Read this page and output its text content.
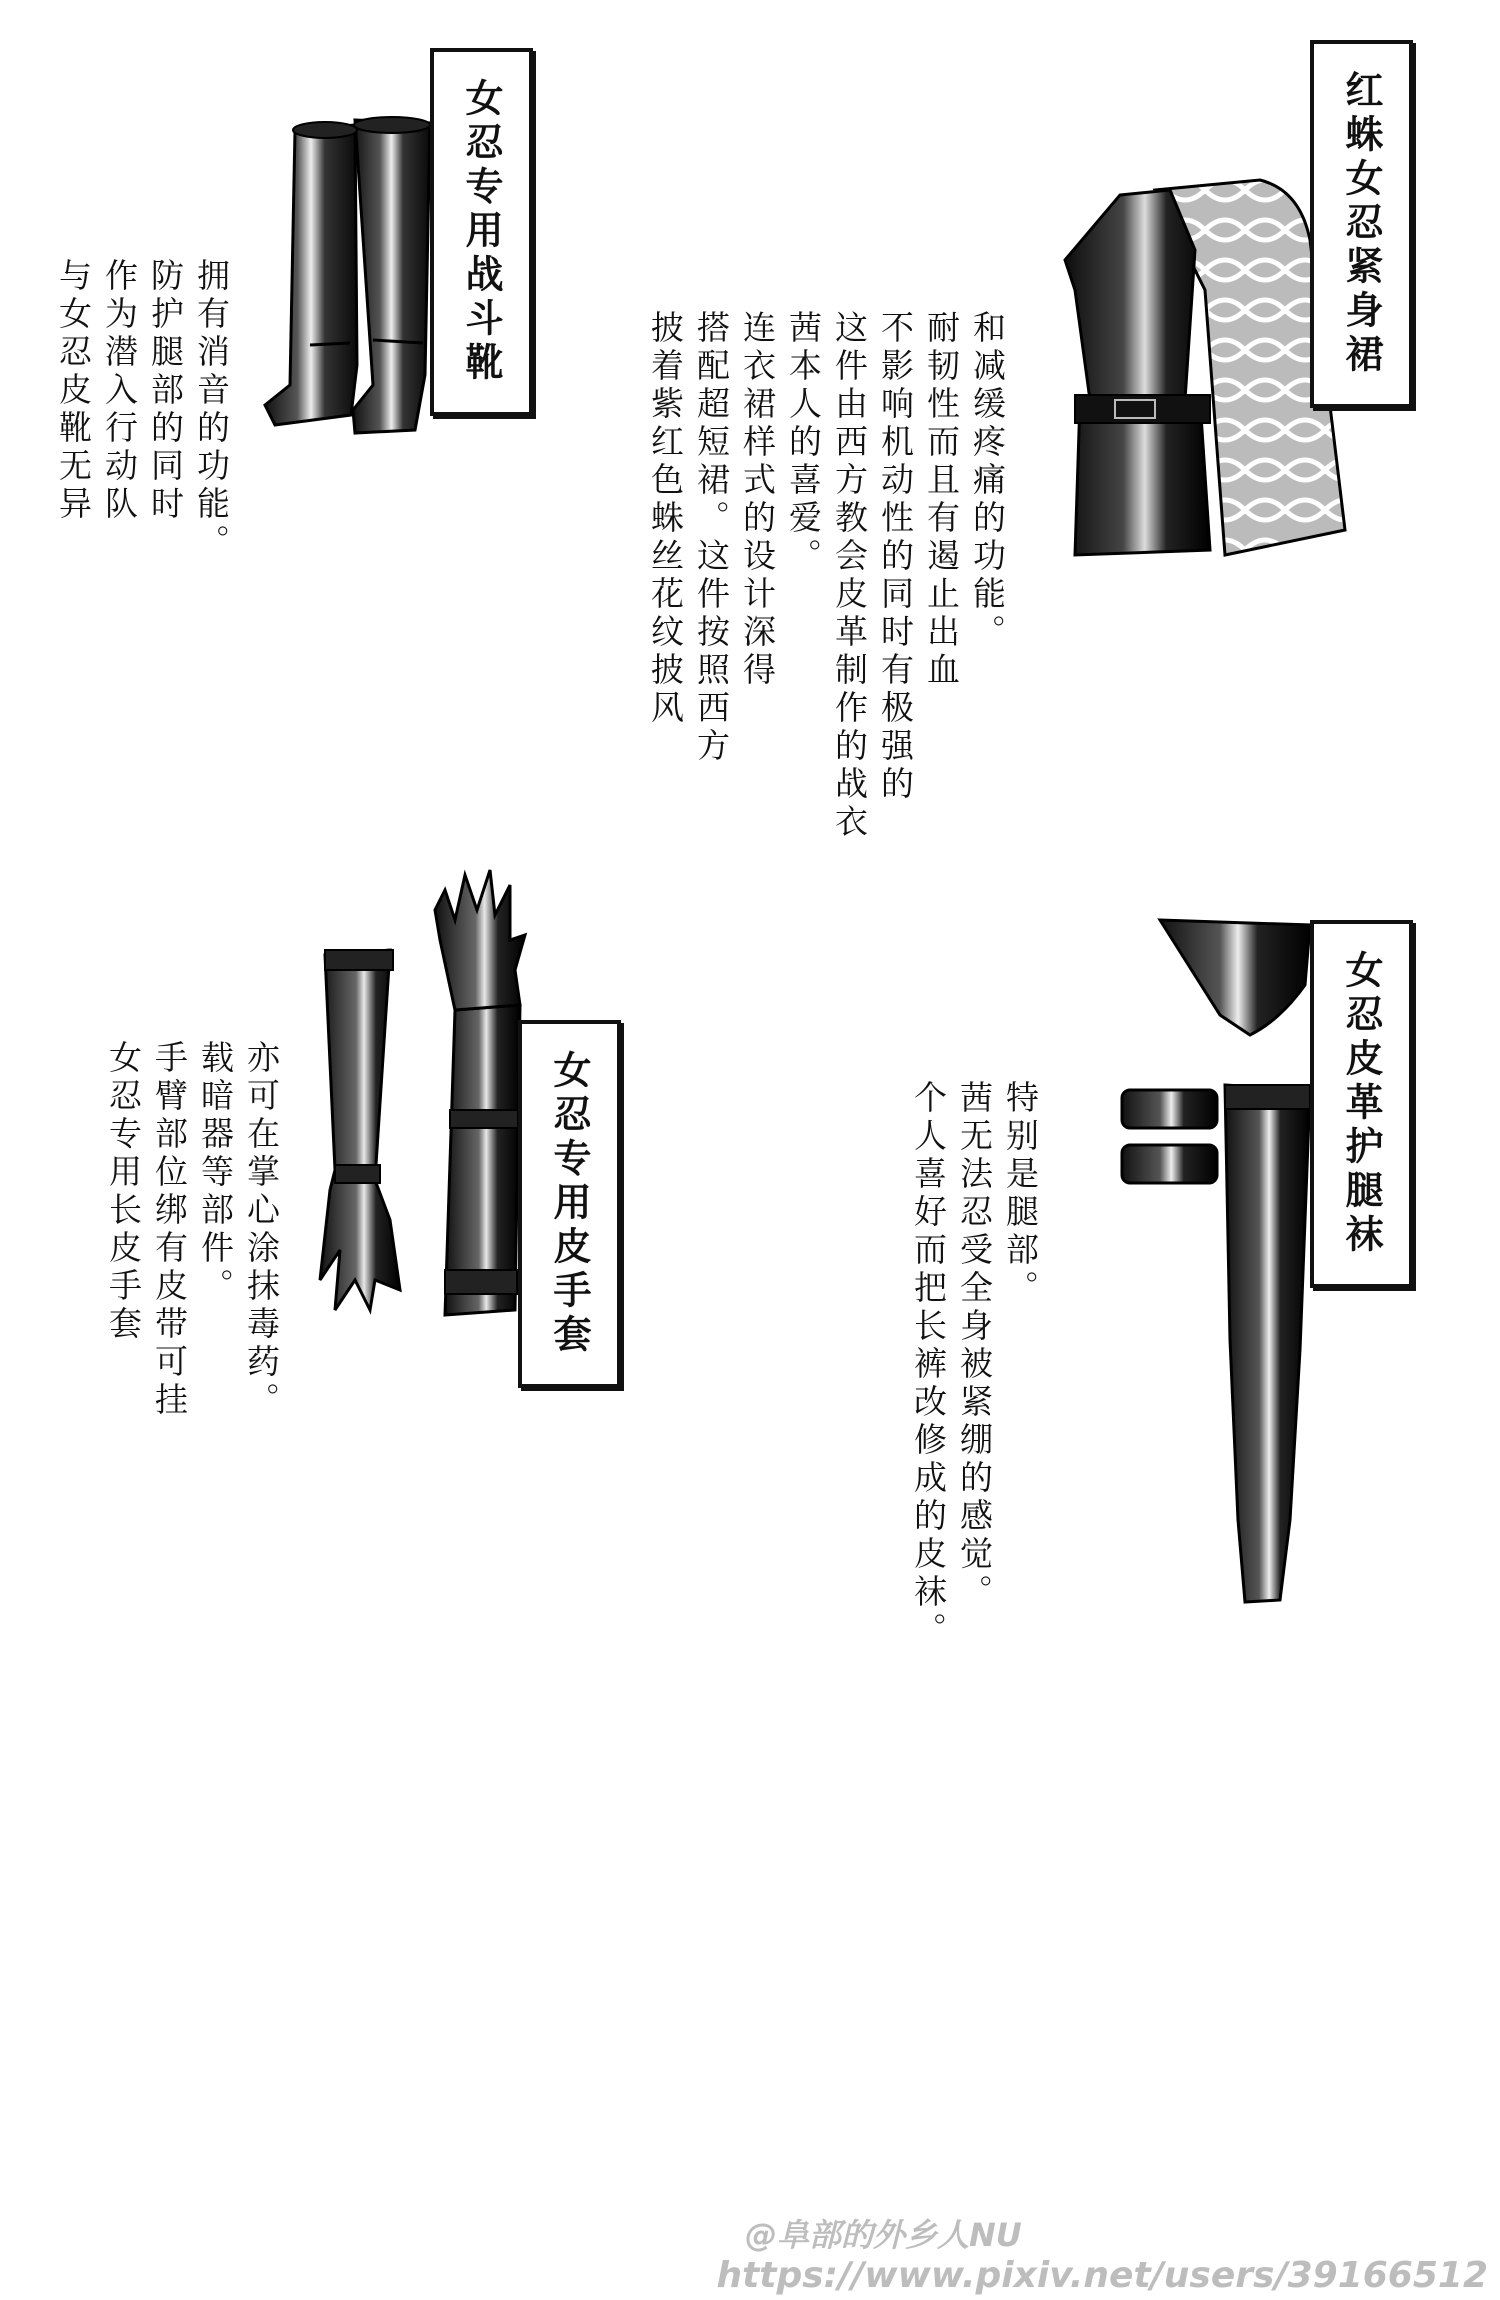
女忍专用战斗靴
拥有消音的功能。
防护腿部的同时
作为潜入行动队
与女忍皮靴无异
红蛛女忍紧身裙
和减缓疼痛的功能。
耐韧性而且有遏止出血
不影响机动性的同时有极强的
这件由西方教会皮革制作的战衣
茜本人的喜爱。
连衣裙样式的设计深得
搭配超短裙。这件按照西方
披着紫红色蛛丝花纹披风
女忍专用皮手套
亦可在掌心涂抹毒药。
载暗器等部件。
手臂部位绑有皮带可挂
女忍专用长皮手套	女忍皮革护腿袜
特别是腿部。
茜无法忍受全身被紧绷的感觉。
个人喜好而把长裤改修成的皮袜。
@阜部的外乡人NU
https://www.pixiv.net/users/39166512
